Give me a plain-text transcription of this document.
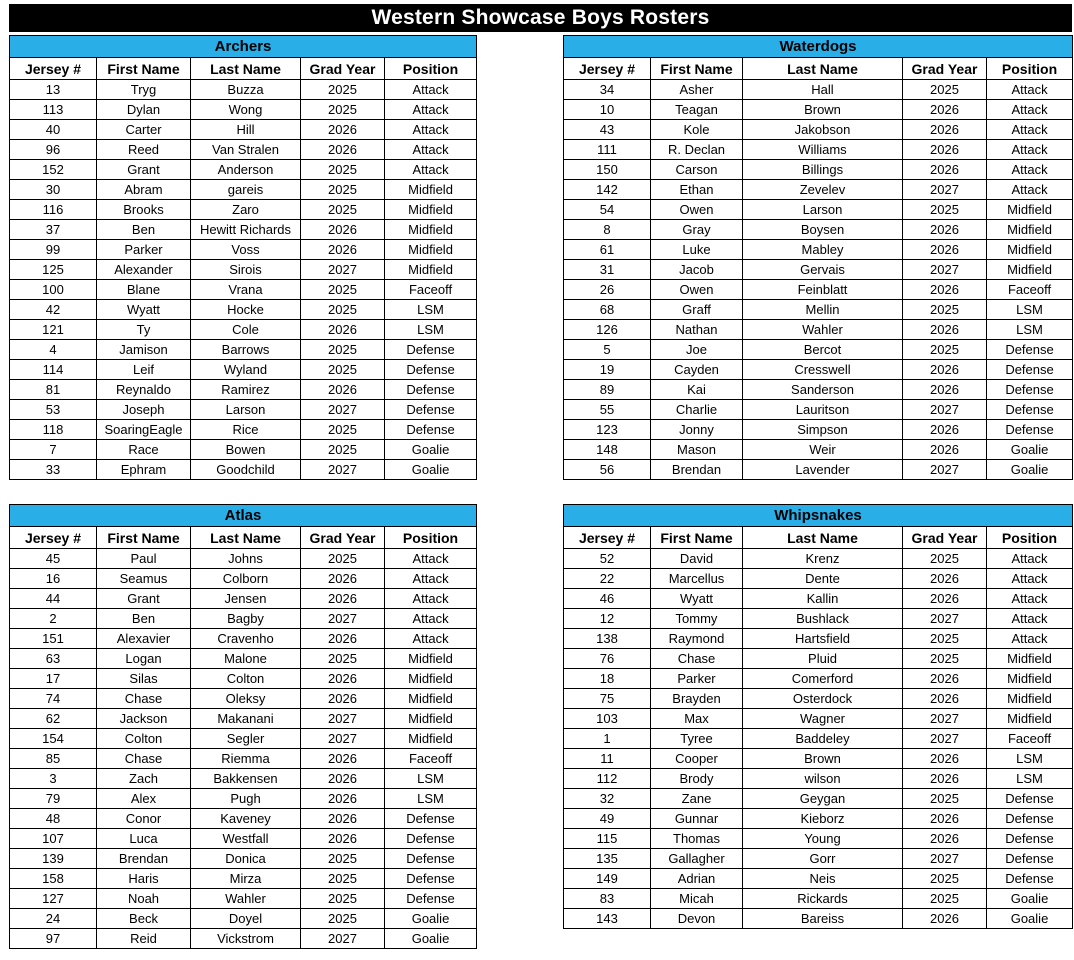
Western Showcase Boys Rosters
Archers				
Jersey #	First Name	Last Name	Grad Year	Position
13	Tryg	Buzza	2025	Attack
113	Dylan	Wong	2025	Attack
40	Carter	Hill	2026	Attack
96	Reed	Van Stralen	2026	Attack
152	Grant	Anderson	2025	Attack
30	Abram	gareis	2025	Midfield
116	Brooks	Zaro	2025	Midfield
37	Ben	Hewitt Richards	2026	Midfield
99	Parker	Voss	2026	Midfield
125	Alexander	Sirois	2027	Midfield
100	Blane	Vrana	2025	Faceoff
42	Wyatt	Hocke	2025	LSM
121	Ty	Cole	2026	LSM
4	Jamison	Barrows	2025	Defense
114	Leif	Wyland	2025	Defense
81	Reynaldo	Ramirez	2026	Defense
53	Joseph	Larson	2027	Defense
118	SoaringEagle	Rice	2025	Defense
7	Race	Bowen	2025	Goalie
33	Ephram	Goodchild	2027	Goalie
Waterdogs				
Jersey #	First Name	Last Name	Grad Year	Position
34	Asher	Hall	2025	Attack
10	Teagan	Brown	2026	Attack
43	Kole	Jakobson	2026	Attack
111	R. Declan	Williams	2026	Attack
150	Carson	Billings	2026	Attack
142	Ethan	Zevelev	2027	Attack
54	Owen	Larson	2025	Midfield
8	Gray	Boysen	2026	Midfield
61	Luke	Mabley	2026	Midfield
31	Jacob	Gervais	2027	Midfield
26	Owen	Feinblatt	2026	Faceoff
68	Graff	Mellin	2025	LSM
126	Nathan	Wahler	2026	LSM
5	Joe	Bercot	2025	Defense
19	Cayden	Cresswell	2026	Defense
89	Kai	Sanderson	2026	Defense
55	Charlie	Lauritson	2027	Defense
123	Jonny	Simpson	2026	Defense
148	Mason	Weir	2026	Goalie
56	Brendan	Lavender	2027	Goalie
Atlas				
Jersey #	First Name	Last Name	Grad Year	Position
45	Paul	Johns	2025	Attack
16	Seamus	Colborn	2026	Attack
44	Grant	Jensen	2026	Attack
2	Ben	Bagby	2027	Attack
151	Alexavier	Cravenho	2026	Attack
63	Logan	Malone	2025	Midfield
17	Silas	Colton	2026	Midfield
74	Chase	Oleksy	2026	Midfield
62	Jackson	Makanani	2027	Midfield
154	Colton	Segler	2027	Midfield
85	Chase	Riemma	2026	Faceoff
3	Zach	Bakkensen	2026	LSM
79	Alex	Pugh	2026	LSM
48	Conor	Kaveney	2026	Defense
107	Luca	Westfall	2026	Defense
139	Brendan	Donica	2025	Defense
158	Haris	Mirza	2025	Defense
127	Noah	Wahler	2025	Defense
24	Beck	Doyel	2025	Goalie
97	Reid	Vickstrom	2027	Goalie
Whipsnakes				
Jersey #	First Name	Last Name	Grad Year	Position
52	David	Krenz	2025	Attack
22	Marcellus	Dente	2026	Attack
46	Wyatt	Kallin	2026	Attack
12	Tommy	Bushlack	2027	Attack
138	Raymond	Hartsfield	2025	Attack
76	Chase	Pluid	2025	Midfield
18	Parker	Comerford	2026	Midfield
75	Brayden	Osterdock	2026	Midfield
103	Max	Wagner	2027	Midfield
1	Tyree	Baddeley	2027	Faceoff
11	Cooper	Brown	2026	LSM
112	Brody	wilson	2026	LSM
32	Zane	Geygan	2025	Defense
49	Gunnar	Kieborz	2026	Defense
115	Thomas	Young	2026	Defense
135	Gallagher	Gorr	2027	Defense
149	Adrian	Neis	2025	Defense
83	Micah	Rickards	2025	Goalie
143	Devon	Bareiss	2026	Goalie
